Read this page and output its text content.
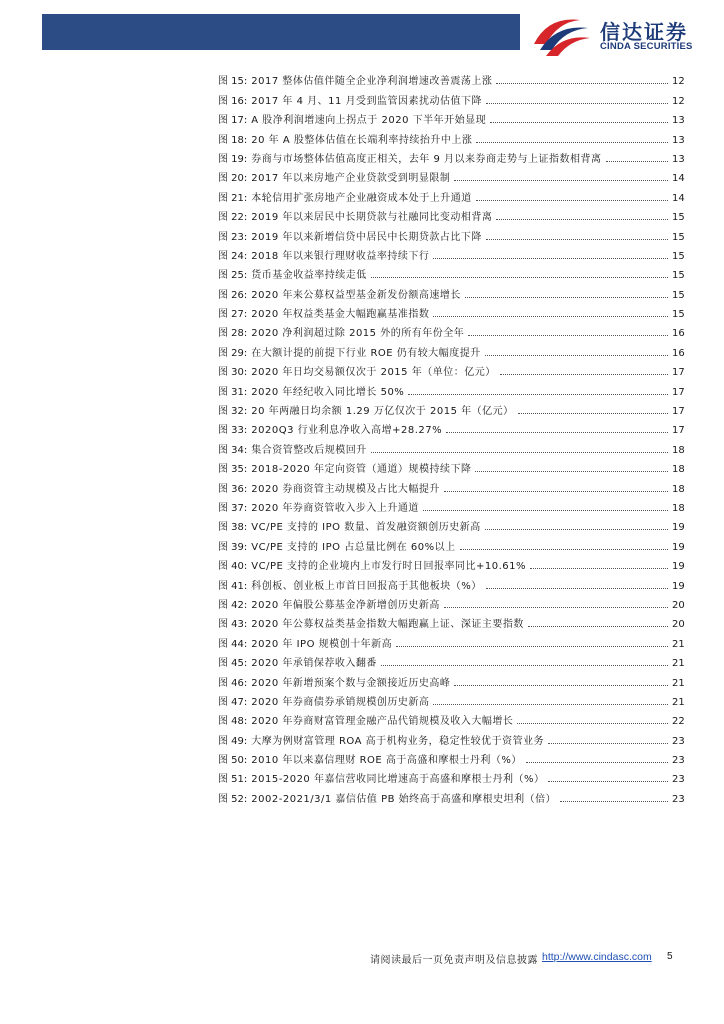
信达证券
CINDA SECURITIES
图 15: 2017 整体估值伴随全企业净利润增速改善震荡上涨	12
图 16: 2017 年 4 月、11 月受到监管因素扰动估值下降	12
图 17: A 股净利润增速向上拐点于 2020 下半年开始显现	13
图 18: 20 年 A 股整体估值在长端利率持续抬升中上涨	13
图 19: 券商与市场整体估值高度正相关，去年 9 月以来券商走势与上证指数相背离	13
图 20: 2017 年以来房地产企业贷款受到明显限制	14
图 21: 本轮信用扩张房地产企业融资成本处于上升通道	14
图 22: 2019 年以来居民中长期贷款与社融同比变动相背离	15
图 23: 2019 年以来新增信贷中居民中长期贷款占比下降	15
图 24: 2018 年以来银行理财收益率持续下行	15
图 25: 货币基金收益率持续走低	15
图 26: 2020 年来公募权益型基金新发份额高速增长	15
图 27: 2020 年权益类基金大幅跑赢基准指数	15
图 28: 2020 净利润超过除 2015 外的所有年份全年	16
图 29: 在大额计提的前提下行业 ROE 仍有较大幅度提升	16
图 30: 2020 年日均交易额仅次于 2015 年（单位：亿元）	17
图 31: 2020 年经纪收入同比增长 50%	17
图 32: 20 年两融日均余额 1.29 万亿仅次于 2015 年（亿元）	17
图 33: 2020Q3 行业利息净收入高增+28.27%	17
图 34: 集合资管整改后规模回升	18
图 35: 2018-2020 年定向资管（通道）规模持续下降	18
图 36: 2020 券商资管主动规模及占比大幅提升	18
图 37: 2020 年券商资管收入步入上升通道	18
图 38: VC/PE 支持的 IPO 数量、首发融资额创历史新高	19
图 39: VC/PE 支持的 IPO 占总量比例在 60%以上	19
图 40: VC/PE 支持的企业境内上市发行时日回报率同比+10.61%	19
图 41: 科创板、创业板上市首日回报高于其他板块（%）	19
图 42: 2020 年偏股公募基金净新增创历史新高	20
图 43: 2020 年公募权益类基金指数大幅跑赢上证、深证主要指数	20
图 44: 2020 年 IPO 规模创十年新高	21
图 45: 2020 年承销保荐收入翻番	21
图 46: 2020 年新增预案个数与金额接近历史高峰	21
图 47: 2020 年券商债券承销规模创历史新高	21
图 48: 2020 年券商财富管理金融产品代销规模及收入大幅增长	22
图 49: 大摩为例财富管理 ROA 高于机构业务，稳定性较优于资管业务	23
图 50: 2010 年以来嘉信理财 ROE 高于高盛和摩根士丹利（%）	23
图 51: 2015-2020 年嘉信营收同比增速高于高盛和摩根士丹利（%）	23
图 52: 2002-2021/3/1 嘉信估值 PB 始终高于高盛和摩根史坦利（倍）	23
请阅读最后一页免责声明及信息披露 http://www.cindasc.com 5
